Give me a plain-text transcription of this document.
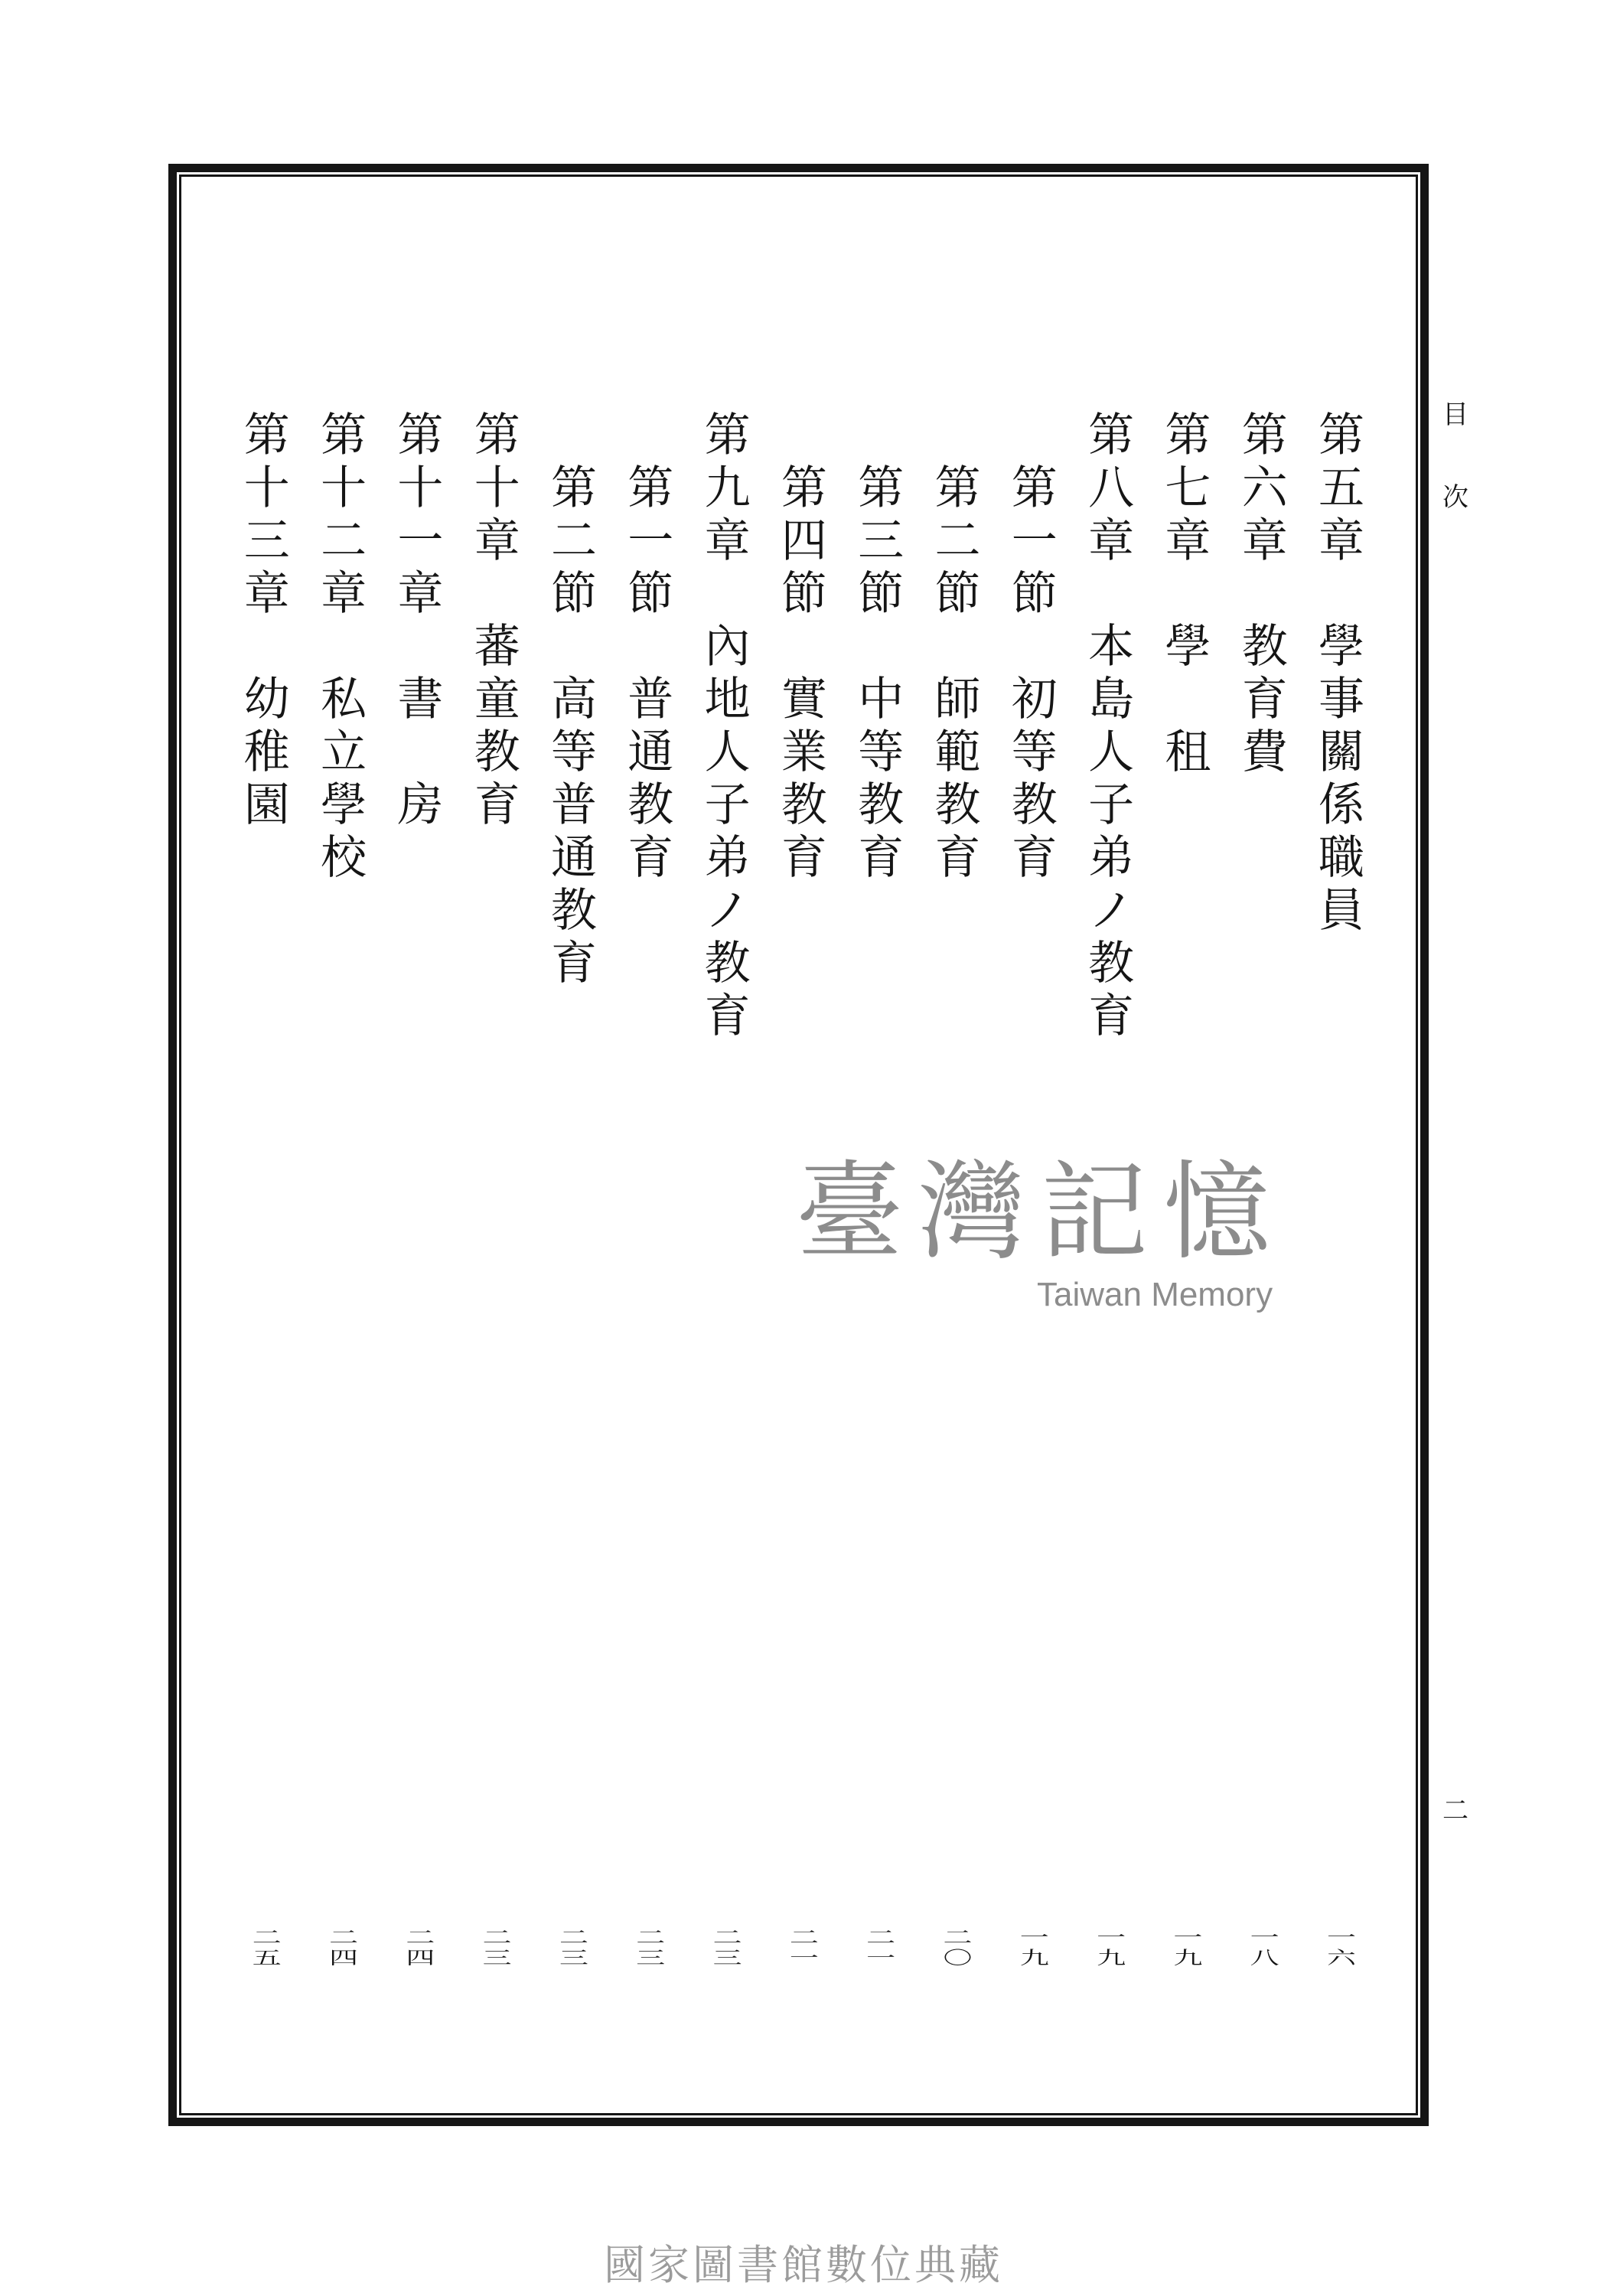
目
次
二
第
五
章
學
事
關
係
職
員
一
六
第
六
章
教
育
費
一
八
第
七
章
學

租
一
九
第
八
章
本
島
人
子
弟
ノ
教
育
一
九
第
一
節
初
等
教
育
一
九
第
二
節
師
範
教
育
二
〇
第
三
節
中
等
教
育
二
一
第
四
節
實
業
教
育
二
一
第
九
章
內
地
人
子
弟
ノ
教
育
二
三
第
一
節
普
通
教
育
二
三
第
二
節
高
等
普
通
教
育
二
三
第
十
章
蕃
童
教
育
二
三
第
十
一
章
書

房
二
四
第
十
二
章
私
立
學
校
二
四
第
十
三
章
幼
稚
園
二
五
臺灣記憶
Taiwan Memory
國家圖書館數位典藏
